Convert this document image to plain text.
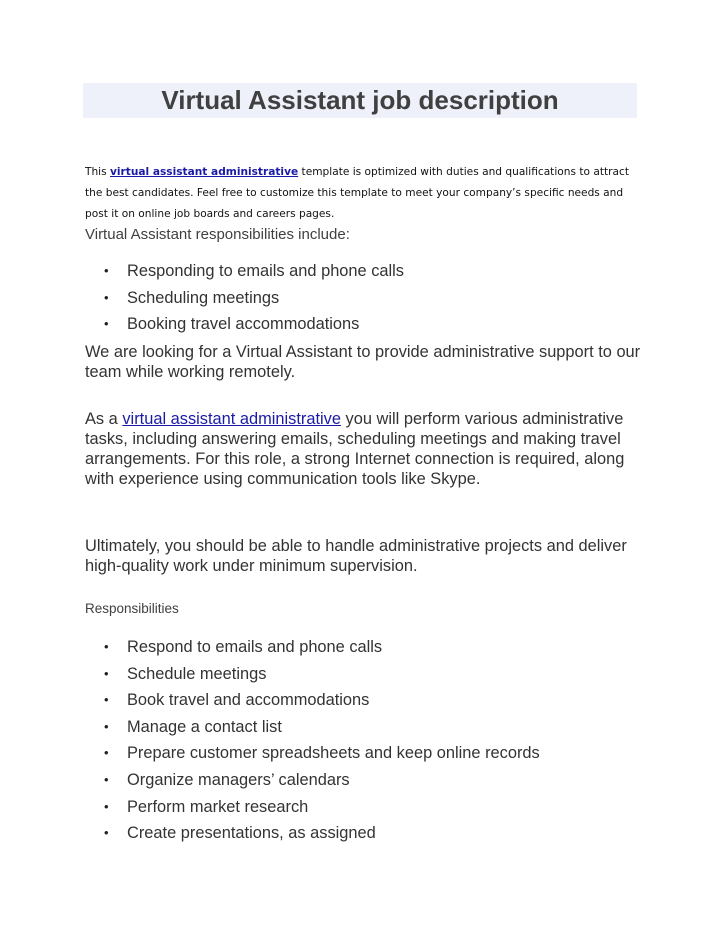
Virtual Assistant job description

This virtual assistant administrative template is optimized with duties and qualifications to attract the best candidates. Feel free to customize this template to meet your company’s specific needs and post it on online job boards and careers pages.

Virtual Assistant responsibilities include:

• Responding to emails and phone calls
• Scheduling meetings
• Booking travel accommodations

We are looking for a Virtual Assistant to provide administrative support to our team while working remotely.

As a virtual assistant administrative you will perform various administrative tasks, including answering emails, scheduling meetings and making travel arrangements. For this role, a strong Internet connection is required, along with experience using communication tools like Skype.

Ultimately, you should be able to handle administrative projects and deliver high-quality work under minimum supervision.

Responsibilities

• Respond to emails and phone calls
• Schedule meetings
• Book travel and accommodations
• Manage a contact list
• Prepare customer spreadsheets and keep online records
• Organize managers’ calendars
• Perform market research
• Create presentations, as assigned
